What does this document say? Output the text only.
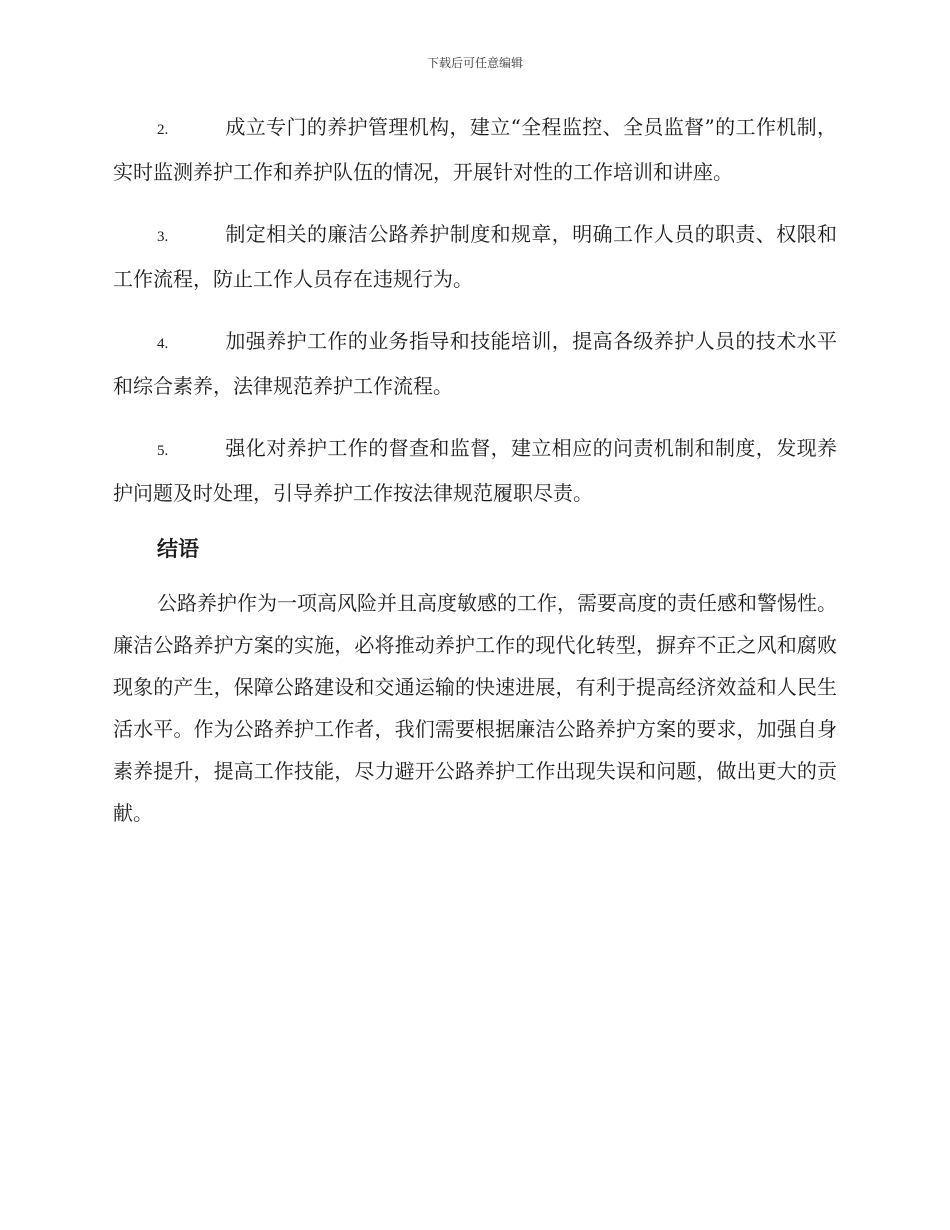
下载后可任意编辑

2.	成立专门的养护管理机构，建立“全程监控、全员监督”的工作机制，实时监测养护工作和养护队伍的情况，开展针对性的工作培训和讲座。

3.	制定相关的廉洁公路养护制度和规章，明确工作人员的职责、权限和工作流程，防止工作人员存在违规行为。

4.	加强养护工作的业务指导和技能培训，提高各级养护人员的技术水平和综合素养，法律规范养护工作流程。

5.	强化对养护工作的督查和监督，建立相应的问责机制和制度，发现养护问题及时处理，引导养护工作按法律规范履职尽责。

结语

公路养护作为一项高风险并且高度敏感的工作，需要高度的责任感和警惕性。廉洁公路养护方案的实施，必将推动养护工作的现代化转型，摒弃不正之风和腐败现象的产生，保障公路建设和交通运输的快速进展，有利于提高经济效益和人民生活水平。作为公路养护工作者，我们需要根据廉洁公路养护方案的要求，加强自身素养提升，提高工作技能，尽力避开公路养护工作出现失误和问题，做出更大的贡献。
